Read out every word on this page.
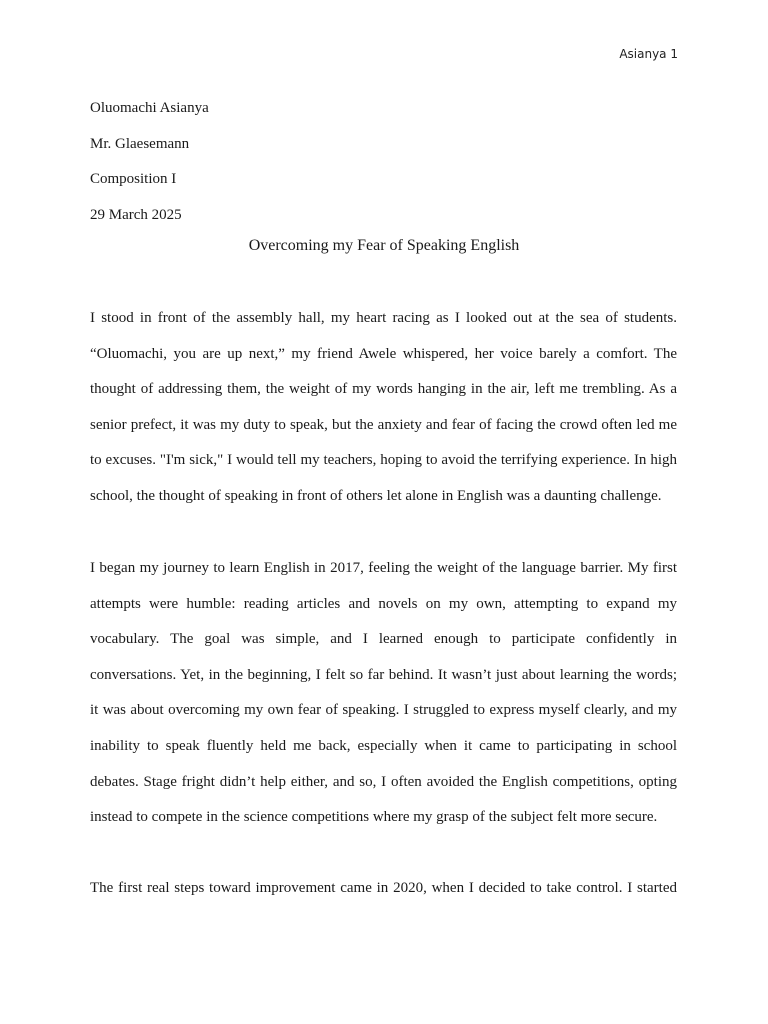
Asianya 1

Oluomachi Asianya

Mr. Glaesemann

Composition I

29 March 2025

Overcoming my Fear of Speaking English

I stood in front of the assembly hall, my heart racing as I looked out at the sea of students. “Oluomachi, you are up next,” my friend Awele whispered, her voice barely a comfort. The thought of addressing them, the weight of my words hanging in the air, left me trembling. As a senior prefect, it was my duty to speak, but the anxiety and fear of facing the crowd often led me to excuses. "I'm sick," I would tell my teachers, hoping to avoid the terrifying experience. In high school, the thought of speaking in front of others let alone in English was a daunting challenge.

I began my journey to learn English in 2017, feeling the weight of the language barrier. My first attempts were humble: reading articles and novels on my own, attempting to expand my vocabulary. The goal was simple, and I learned enough to participate confidently in conversations. Yet, in the beginning, I felt so far behind. It wasn’t just about learning the words; it was about overcoming my own fear of speaking. I struggled to express myself clearly, and my inability to speak fluently held me back, especially when it came to participating in school debates. Stage fright didn’t help either, and so, I often avoided the English competitions, opting instead to compete in the science competitions where my grasp of the subject felt more secure.

The first real steps toward improvement came in 2020, when I decided to take control. I started
